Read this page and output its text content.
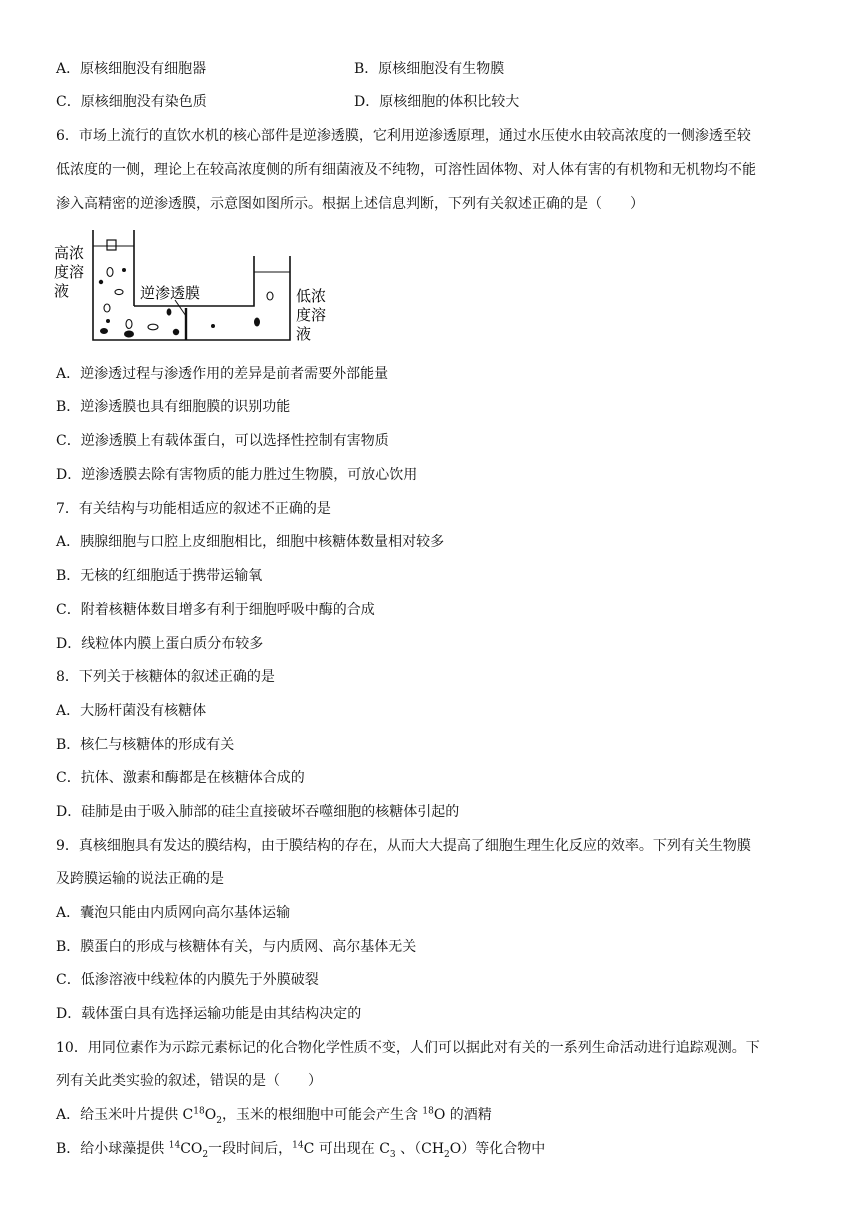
A．原核细胞没有细胞器	B．原核细胞没有生物膜
C．原核细胞没有染色质	D．原核细胞的体积比较大
6．市场上流行的直饮水机的核心部件是逆渗透膜，它利用逆渗透原理，通过水压使水由较高浓度的一侧渗透至较
低浓度的一侧，理论上在较高浓度侧的所有细菌液及不纯物，可溶性固体物、对人体有害的有机物和无机物均不能
渗入高精密的逆渗透膜，示意图如图所示。根据上述信息判断，下列有关叙述正确的是（　　）
高浓
度溶
液	逆渗透膜	低浓
度溶
液
A．逆渗透过程与渗透作用的差异是前者需要外部能量
B．逆渗透膜也具有细胞膜的识别功能
C．逆渗透膜上有载体蛋白，可以选择性控制有害物质
D．逆渗透膜去除有害物质的能力胜过生物膜，可放心饮用
7．有关结构与功能相适应的叙述不正确的是
A．胰腺细胞与口腔上皮细胞相比，细胞中核糖体数量相对较多
B．无核的红细胞适于携带运输氧
C．附着核糖体数目增多有利于细胞呼吸中酶的合成
D．线粒体内膜上蛋白质分布较多
8．下列关于核糖体的叙述正确的是
A．大肠杆菌没有核糖体
B．核仁与核糖体的形成有关
C．抗体、激素和酶都是在核糖体合成的
D．硅肺是由于吸入肺部的硅尘直接破坏吞噬细胞的核糖体引起的
9．真核细胞具有发达的膜结构，由于膜结构的存在，从而大大提高了细胞生理生化反应的效率。下列有关生物膜
及跨膜运输的说法正确的是
A．囊泡只能由内质网向高尔基体运输
B．膜蛋白的形成与核糖体有关，与内质网、高尔基体无关
C．低渗溶液中线粒体的内膜先于外膜破裂
D．载体蛋白具有选择运输功能是由其结构决定的
10．用同位素作为示踪元素标记的化合物化学性质不变，人们可以据此对有关的一系列生命活动进行追踪观测。下
列有关此类实验的叙述，错误的是（　　）
A．给玉米叶片提供 $C^{18}O_2$，玉米的根细胞中可能会产生含 $^{18}$O 的酒精
B．给小球藻提供 $^{14}CO_2$一段时间后，$^{14}$C 可出现在 $C_3$ 、$(CH_2O)$等化合物中
